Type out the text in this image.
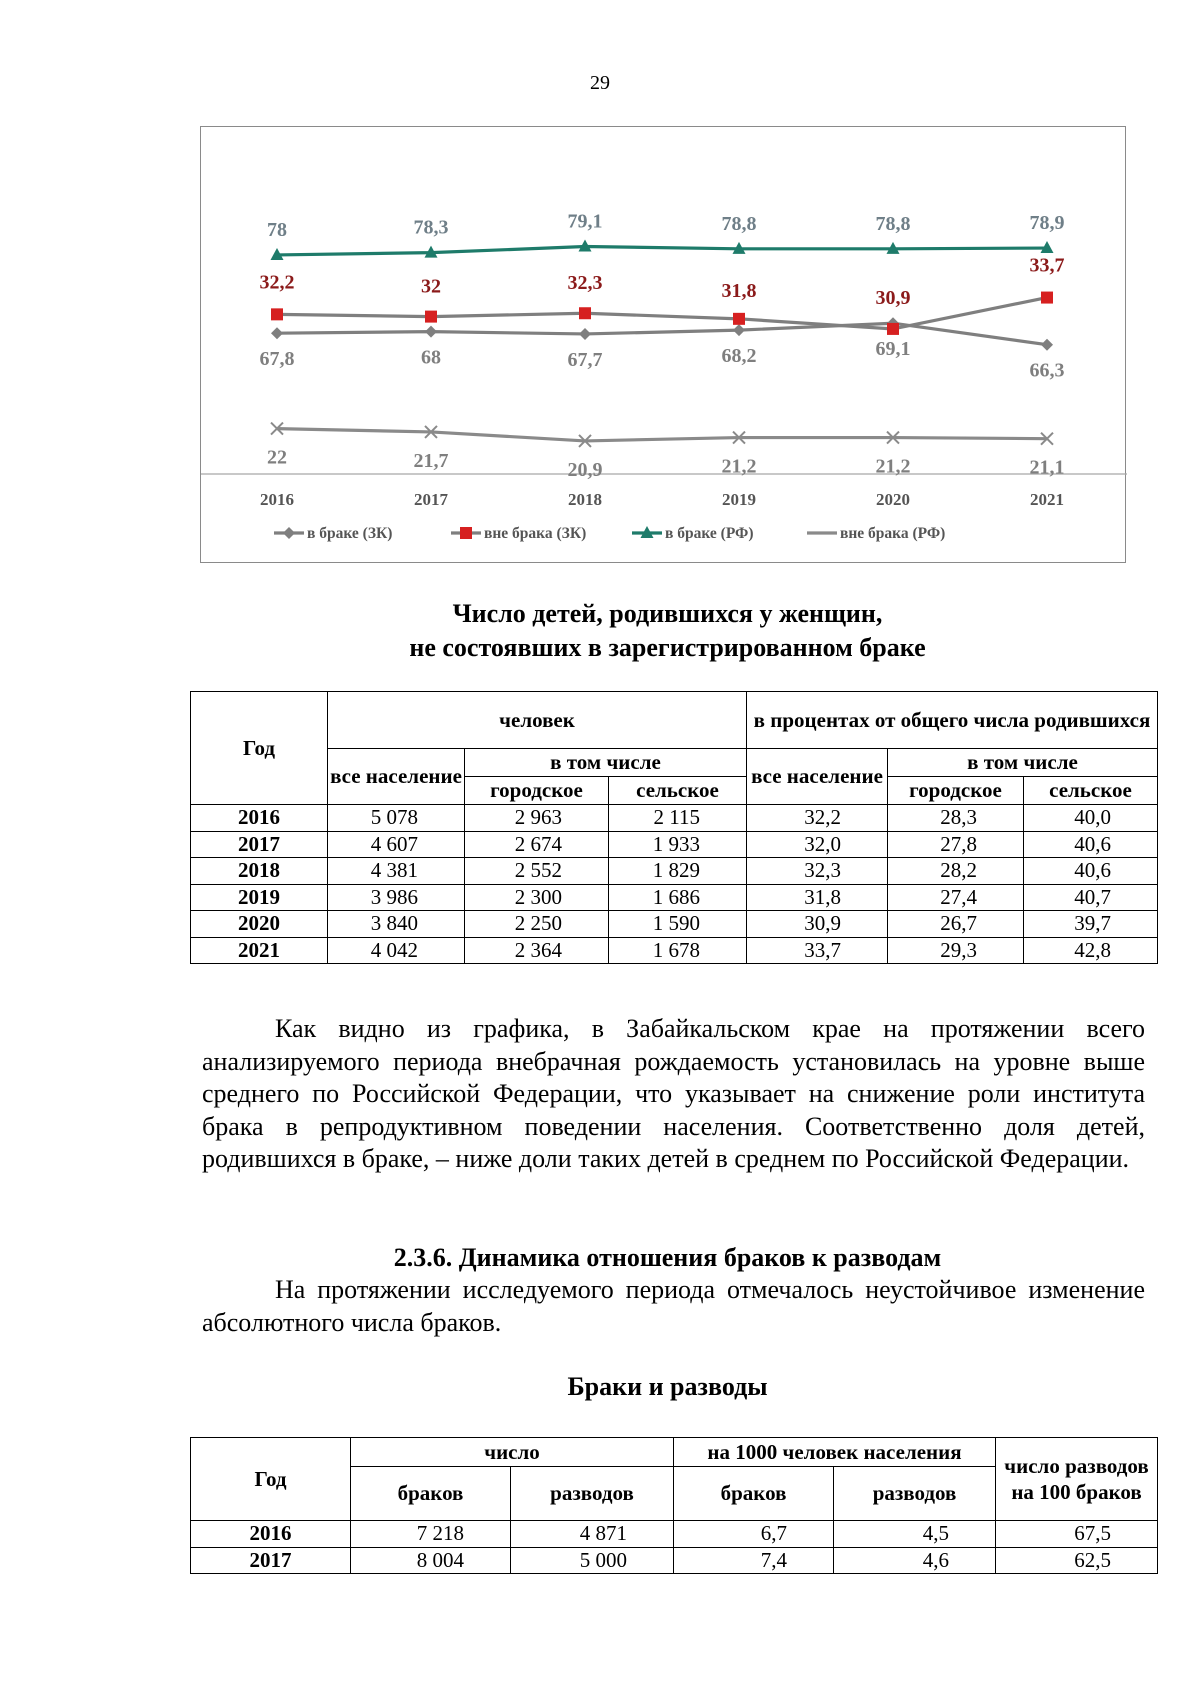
29
2016	2017	2018	2019	2020	2021
67,8	68	67,7	68,2	69,1
66,3
32,2	32	32,3	31,8	30,9
33,7
78	78,3	79,1	78,8	78,8	78,9
22	21,7	20,9	21,2	21,2	21,1
в браке (ЗК)	вне брака (ЗК)	в браке (РФ)	вне брака (РФ)
Число детей, родившихся у женщин,
не состоявших в зарегистрированном браке
Год	человек			в процентах от общего числа родившихся		
	все население	в том числе		все население	в том числе	
		городское	сельское		городское	сельское
2016	5 078	2 963	2 115	32,2	28,3	40,0
2017	4 607	2 674	1 933	32,0	27,8	40,6
2018	4 381	2 552	1 829	32,3	28,2	40,6
2019	3 986	2 300	1 686	31,8	27,4	40,7
2020	3 840	2 250	1 590	30,9	26,7	39,7
2021	4 042	2 364	1 678	33,7	29,3	42,8
Как видно из графика, в Забайкальском крае на протяжении всего анализируемого периода внебрачная рождаемость установилась на уровне выше среднего по Российской Федерации, что указывает на снижение роли института брака в репродуктивном поведении населения. Соответственно доля детей, родившихся в браке, – ниже доли таких детей в среднем по Российской Федерации.
2.3.6. Динамика отношения браков к разводам
На протяжении исследуемого периода отмечалось неустойчивое изменение абсолютного числа браков.
Браки и разводы
Год	число		на 1000 человек населения		число разводов на 100 браков
	браков	разводов	браков	разводов	
2016	7 218	4 871	6,7	4,5	67,5
2017	8 004	5 000	7,4	4,6	62,5
